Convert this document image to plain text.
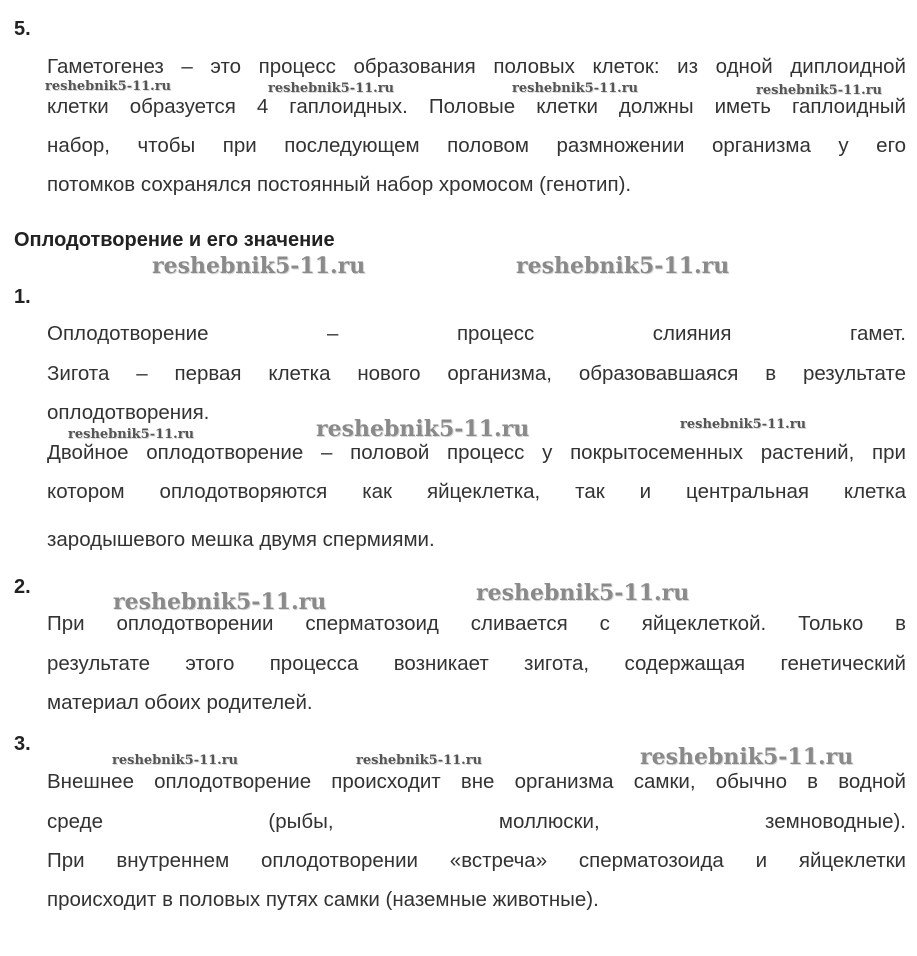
5.
Гаметогенез – это процесс образования половых клеток: из одной диплоидной
клетки образуется 4 гаплоидных. Половые клетки должны иметь гаплоидный
набор, чтобы при последующем половом размножении организма у его
потомков сохранялся постоянный набор хромосом (генотип).
Оплодотворение и его значение
1.
Оплодотворение – процесс слияния гамет.
Зигота – первая клетка нового организма, образовавшаяся в результате
оплодотворения.
Двойное оплодотворение – половой процесс у покрытосеменных растений, при
котором оплодотворяются как яйцеклетка, так и центральная клетка
зародышевого мешка двумя спермиями.
2.
При оплодотворении сперматозоид сливается с яйцеклеткой. Только в
результате этого процесса возникает зигота, содержащая генетический
материал обоих родителей.
3.
Внешнее оплодотворение происходит вне организма самки, обычно в водной
среде (рыбы, моллюски, земноводные).
При внутреннем оплодотворении «встреча» сперматозоида и яйцеклетки
происходит в половых путях самки (наземные животные).
reshebnik5-11.ru	reshebnik5-11.ru	reshebnik5-11.ru	reshebnik5-11.ru
reshebnik5-11.ru	reshebnik5-11.ru
reshebnik5-11.ru	reshebnik5-11.ru	reshebnik5-11.ru
reshebnik5-11.ru	reshebnik5-11.ru
reshebnik5-11.ru	reshebnik5-11.ru	reshebnik5-11.ru
